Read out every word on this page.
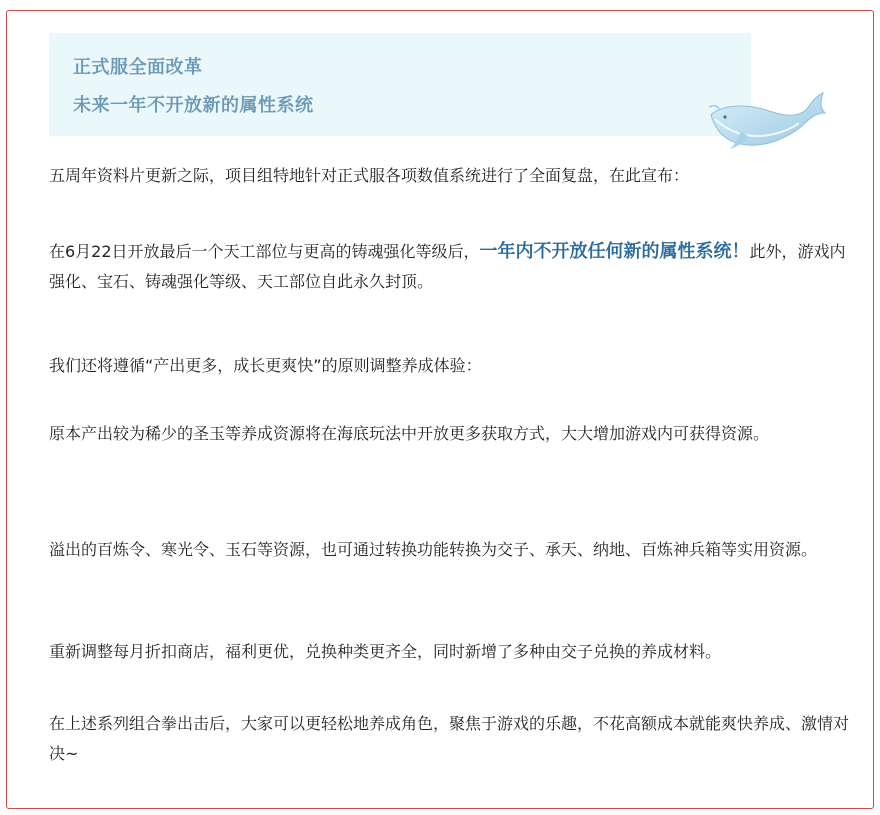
正式服全面改革
未来一年不开放新的属性系统

五周年资料片更新之际，项目组特地针对正式服各项数值系统进行了全面复盘，在此宣布：

在6月22日开放最后一个天工部位与更高的铸魂强化等级后，一年内不开放任何新的属性系统！此外，游戏内强化、宝石、铸魂强化等级、天工部位自此永久封顶。

我们还将遵循“产出更多，成长更爽快”的原则调整养成体验：

原本产出较为稀少的圣玉等养成资源将在海底玩法中开放更多获取方式，大大增加游戏内可获得资源。

溢出的百炼令、寒光令、玉石等资源，也可通过转换功能转换为交子、承天、纳地、百炼神兵箱等实用资源。

重新调整每月折扣商店，福利更优，兑换种类更齐全，同时新增了多种由交子兑换的养成材料。

在上述系列组合拳出击后，大家可以更轻松地养成角色，聚焦于游戏的乐趣，不花高额成本就能爽快养成、激情对决~
